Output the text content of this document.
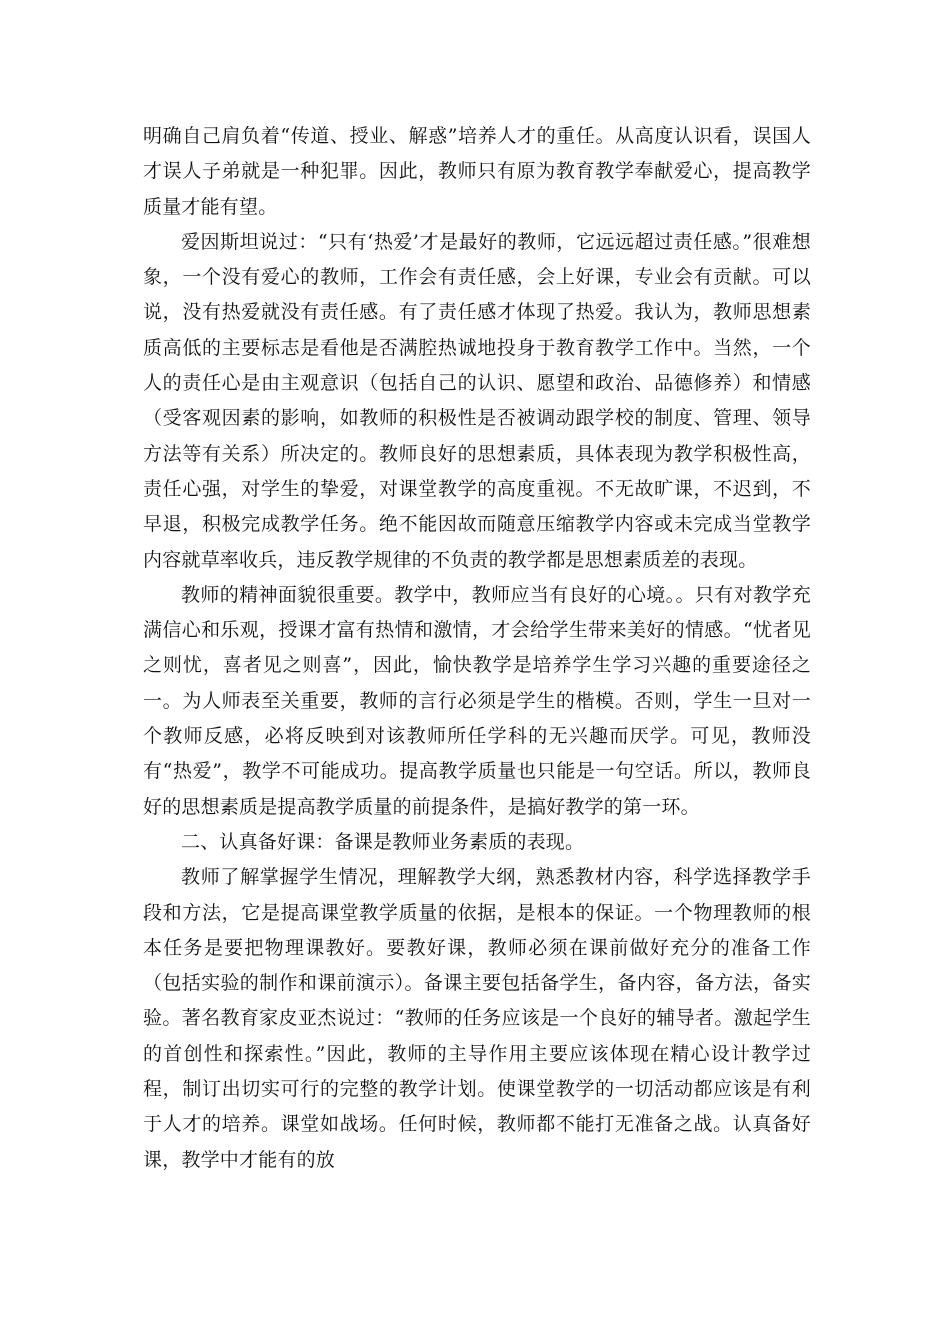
明确自己肩负着“传道、授业、解惑”培养人才的重任。从高度认识看，误国人才误人子弟就是一种犯罪。因此，教师只有原为教育教学奉献爱心，提高教学质量才能有望。

爱因斯坦说过：“只有‘热爱’才是最好的教师，它远远超过责任感。”很难想象，一个没有爱心的教师，工作会有责任感，会上好课，专业会有贡献。可以说，没有热爱就没有责任感。有了责任感才体现了热爱。我认为，教师思想素质高低的主要标志是看他是否满腔热诚地投身于教育教学工作中。当然，一个人的责任心是由主观意识（包括自己的认识、愿望和政治、品德修养）和情感（受客观因素的影响，如教师的积极性是否被调动跟学校的制度、管理、领导方法等有关系）所决定的。教师良好的思想素质，具体表现为教学积极性高，责任心强，对学生的挚爱，对课堂教学的高度重视。不无故旷课，不迟到，不早退，积极完成教学任务。绝不能因故而随意压缩教学内容或未完成当堂教学内容就草率收兵，违反教学规律的不负责的教学都是思想素质差的表现。

教师的精神面貌很重要。教学中，教师应当有良好的心境。。只有对教学充满信心和乐观，授课才富有热情和激情，才会给学生带来美好的情感。“忧者见之则忧，喜者见之则喜”，因此，愉快教学是培养学生学习兴趣的重要途径之一。为人师表至关重要，教师的言行必须是学生的楷模。否则，学生一旦对一个教师反感，必将反映到对该教师所任学科的无兴趣而厌学。可见，教师没有“热爱”，教学不可能成功。提高教学质量也只能是一句空话。所以，教师良好的思想素质是提高教学质量的前提条件，是搞好教学的第一环。

二、认真备好课：备课是教师业务素质的表现。

教师了解掌握学生情况，理解教学大纲，熟悉教材内容，科学选择教学手段和方法，它是提高课堂教学质量的依据，是根本的保证。一个物理教师的根本任务是要把物理课教好。要教好课，教师必须在课前做好充分的准备工作（包括实验的制作和课前演示）。备课主要包括备学生，备内容，备方法，备实验。著名教育家皮亚杰说过：“教师的任务应该是一个良好的辅导者。激起学生的首创性和探索性。”因此，教师的主导作用主要应该体现在精心设计教学过程，制订出切实可行的完整的教学计划。使课堂教学的一切活动都应该是有利于人才的培养。课堂如战场。任何时候，教师都不能打无准备之战。认真备好课，教学中才能有的放
